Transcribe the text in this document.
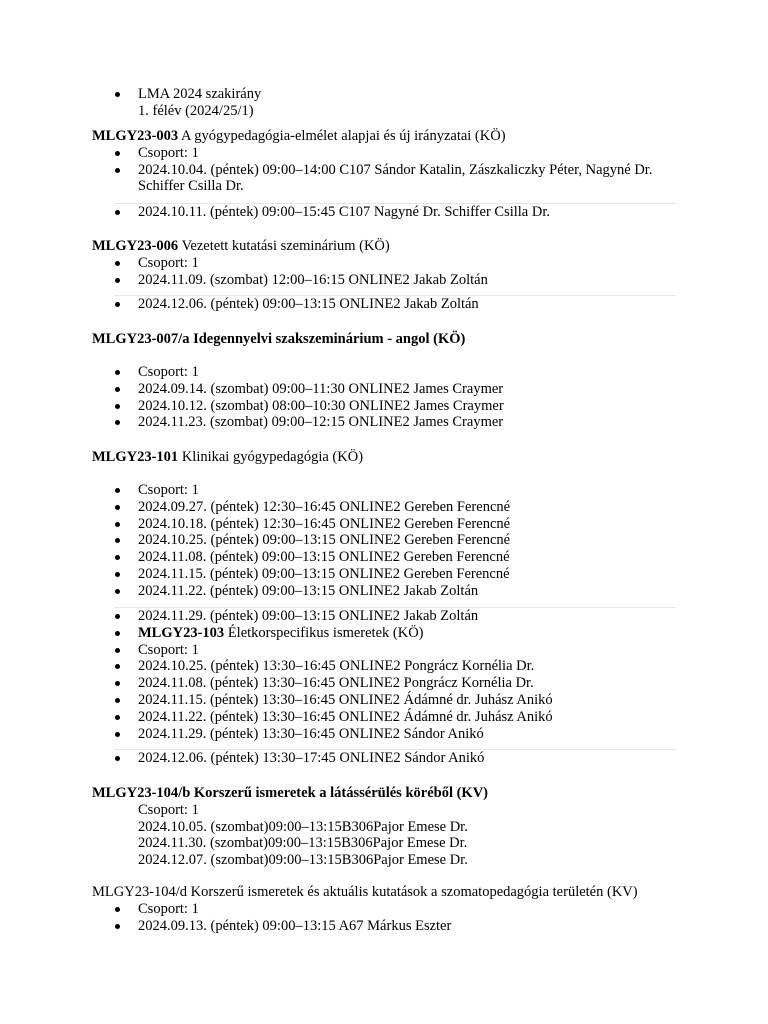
LMA 2024 szakirány
1. félév (2024/25/1)
MLGY23-003 A gyógypedagógia-elmélet alapjai és új irányzatai (KÖ)
Csoport: 1
2024.10.04. (péntek) 09:00–14:00 C107 Sándor Katalin, Zászkaliczky Péter, Nagyné Dr. Schiffer Csilla Dr.
2024.10.11. (péntek) 09:00–15:45 C107 Nagyné Dr. Schiffer Csilla Dr.
MLGY23-006 Vezetett kutatási szeminárium (KÖ)
Csoport: 1
2024.11.09. (szombat) 12:00–16:15 ONLINE2 Jakab Zoltán
2024.12.06. (péntek) 09:00–13:15 ONLINE2 Jakab Zoltán
MLGY23-007/a Idegennyelvi szakszeminárium - angol (KÖ)
Csoport: 1
2024.09.14. (szombat) 09:00–11:30 ONLINE2 James Craymer
2024.10.12. (szombat) 08:00–10:30 ONLINE2 James Craymer
2024.11.23. (szombat) 09:00–12:15 ONLINE2 James Craymer
MLGY23-101 Klinikai gyógypedagógia (KÖ)
Csoport: 1
2024.09.27. (péntek) 12:30–16:45 ONLINE2 Gereben Ferencné
2024.10.18. (péntek) 12:30–16:45 ONLINE2 Gereben Ferencné
2024.10.25. (péntek) 09:00–13:15 ONLINE2 Gereben Ferencné
2024.11.08. (péntek) 09:00–13:15 ONLINE2 Gereben Ferencné
2024.11.15. (péntek) 09:00–13:15 ONLINE2 Gereben Ferencné
2024.11.22. (péntek) 09:00–13:15 ONLINE2 Jakab Zoltán
2024.11.29. (péntek) 09:00–13:15 ONLINE2 Jakab Zoltán
MLGY23-103 Életkorspecifikus ismeretek (KÖ)
Csoport: 1
2024.10.25. (péntek) 13:30–16:45 ONLINE2 Pongrácz Kornélia Dr.
2024.11.08. (péntek) 13:30–16:45 ONLINE2 Pongrácz Kornélia Dr.
2024.11.15. (péntek) 13:30–16:45 ONLINE2 Ádámné dr. Juhász Anikó
2024.11.22. (péntek) 13:30–16:45 ONLINE2 Ádámné dr. Juhász Anikó
2024.11.29. (péntek) 13:30–16:45 ONLINE2 Sándor Anikó
2024.12.06. (péntek) 13:30–17:45 ONLINE2 Sándor Anikó
MLGY23-104/b Korszerű ismeretek a látássérülés köréből (KV)
Csoport: 1
2024.10.05. (szombat)09:00–13:15B306Pajor Emese Dr.
2024.11.30. (szombat)09:00–13:15B306Pajor Emese Dr.
2024.12.07. (szombat)09:00–13:15B306Pajor Emese Dr.
MLGY23-104/d Korszerű ismeretek és aktuális kutatások a szomatopedagógia területén (KV)
Csoport: 1
2024.09.13. (péntek) 09:00–13:15 A67 Márkus Eszter
